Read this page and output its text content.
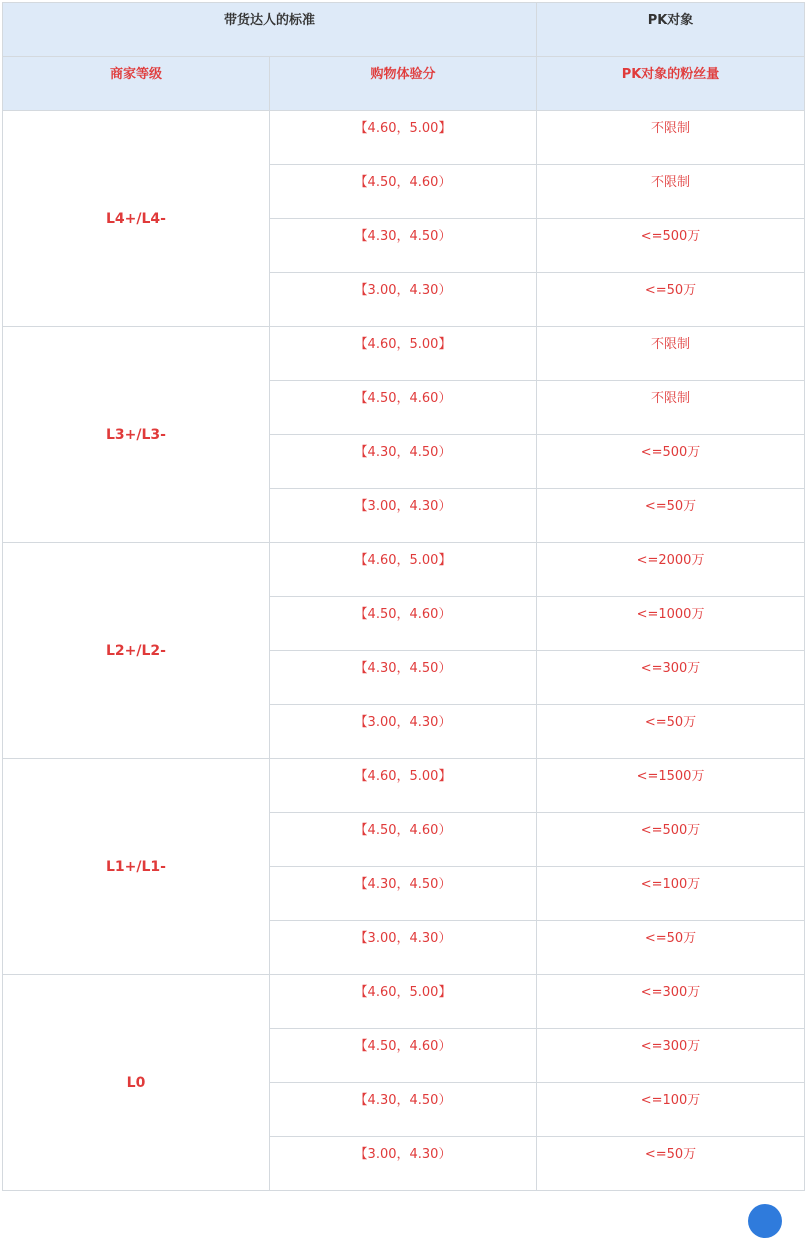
带货达人的标准		PK对象
商家等级	购物体验分	PK对象的粉丝量
L4+/L4-	【4.60，5.00】	不限制
	【4.50，4.60）	不限制
	【4.30，4.50）	<=500万
	【3.00，4.30）	<=50万
L3+/L3-	【4.60，5.00】	不限制
	【4.50，4.60）	不限制
	【4.30，4.50）	<=500万
	【3.00，4.30）	<=50万
L2+/L2-	【4.60，5.00】	<=2000万
	【4.50，4.60）	<=1000万
	【4.30，4.50）	<=300万
	【3.00，4.30）	<=50万
L1+/L1-	【4.60，5.00】	<=1500万
	【4.50，4.60）	<=500万
	【4.30，4.50）	<=100万
	【3.00，4.30）	<=50万
L0	【4.60，5.00】	<=300万
	【4.50，4.60）	<=300万
	【4.30，4.50）	<=100万
	【3.00，4.30）	<=50万
